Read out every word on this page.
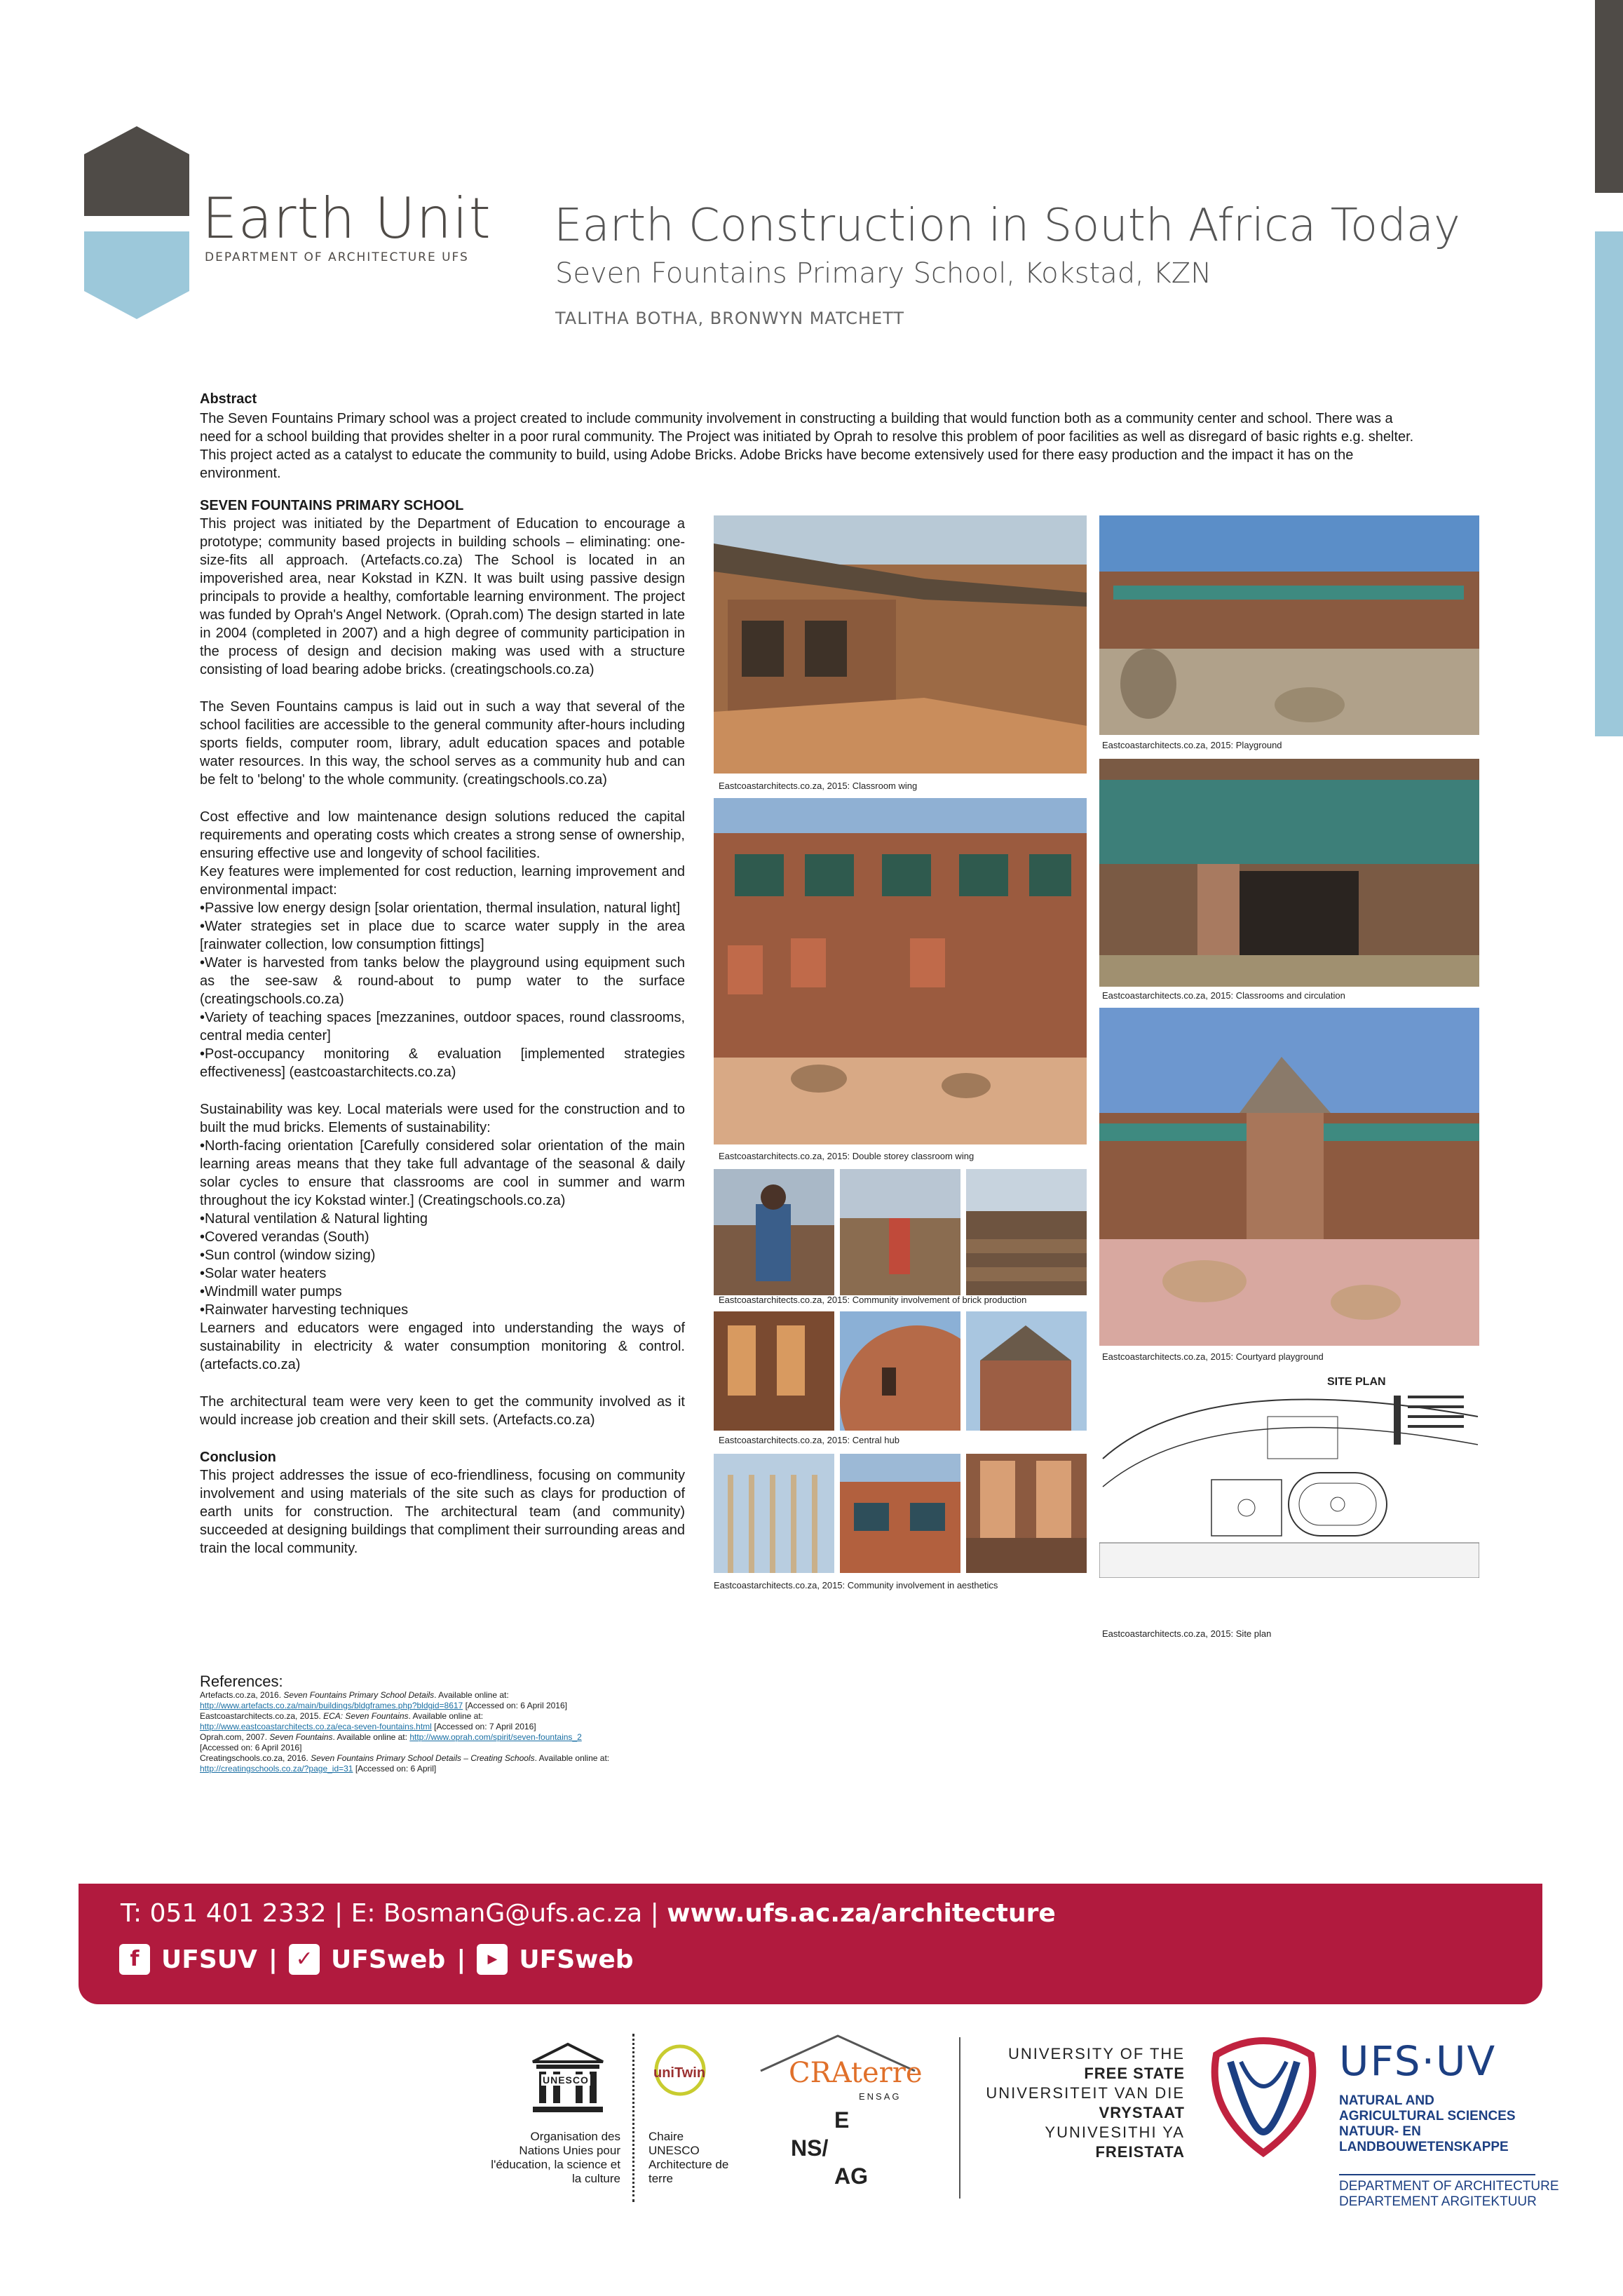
Earth Unit
DEPARTMENT OF ARCHITECTURE UFS
Earth Construction in South Africa Today
Seven Fountains Primary School, Kokstad, KZN
TALITHA BOTHA, BRONWYN MATCHETT
Abstract
The Seven Fountains Primary school was a project created to include community involvement in constructing a building that would function both as a community center and school. There was a need for a school building that provides shelter in a poor rural community. The Project was initiated by Oprah to resolve this problem of poor facilities as well as disregard of basic rights e.g. shelter. This project acted as a catalyst to educate the community to build, using Adobe Bricks. Adobe Bricks have become extensively used for there easy production and the impact it has on the environment.

SEVEN FOUNTAINS PRIMARY SCHOOL

This project was initiated by the Department of Education to encourage a prototype; community based projects in building schools – eliminating: one-size-fits all approach. (Artefacts.co.za) The School is located in an impoverished area, near Kokstad in KZN. It was built using passive design principals to provide a healthy, comfortable learning environment. The project was funded by Oprah's Angel Network. (Oprah.com) The design started in late in 2004 (completed in 2007) and a high degree of community participation in the process of design and decision making was used with a structure consisting of load bearing adobe bricks. (creatingschools.co.za)

The Seven Fountains campus is laid out in such a way that several of the school facilities are accessible to the general community after-hours including sports fields, computer room, library, adult education spaces and potable water resources. In this way, the school serves as a community hub and can be felt to 'belong' to the whole community. (creatingschools.co.za)

Cost effective and low maintenance design solutions reduced the capital requirements and operating costs which creates a strong sense of ownership, ensuring effective use and longevity of school facilities.

Key features were implemented for cost reduction, learning improvement and environmental impact:

•Passive low energy design [solar orientation, thermal insulation, natural light]

•Water strategies set in place due to scarce water supply in the area [rainwater collection, low consumption fittings]

•Water is harvested from tanks below the playground using equipment such as the see-saw & round-about to pump water to the surface (creatingschools.co.za)

•Variety of teaching spaces [mezzanines, outdoor spaces, round classrooms, central media center]

•Post-occupancy monitoring & evaluation [implemented strategies effectiveness] (eastcoastarchitects.co.za)

Sustainability was key. Local materials were used for the construction and to built the mud bricks. Elements of sustainability:

•North-facing orientation [Carefully considered solar orientation of the main learning areas means that they take full advantage of the seasonal & daily solar cycles to ensure that classrooms are cool in summer and warm throughout the icy Kokstad winter.] (Creatingschools.co.za)

•Natural ventilation & Natural lighting

•Covered verandas (South)

•Sun control (window sizing)

•Solar water heaters

•Windmill water pumps

•Rainwater harvesting techniques

Learners and educators were engaged into understanding the ways of sustainability in electricity & water consumption monitoring & control. (artefacts.co.za)

The architectural team were very keen to get the community involved as it would increase job creation and their skill sets. (Artefacts.co.za)

Conclusion

This project addresses the issue of eco-friendliness, focusing on community involvement and using materials of the site such as clays for production of earth units for construction. The architectural team (and community) succeeded at designing buildings that compliment their surrounding areas and train the local community.

References:
Artefacts.co.za, 2016. Seven Fountains Primary School Details. Available online at:
http://www.artefacts.co.za/main/buildings/bldgframes.php?bldgid=8617 [Accessed on: 6 April 2016]
Eastcoastarchitects.co.za, 2015. ECA: Seven Fountains. Available online at:
http://www.eastcoastarchitects.co.za/eca-seven-fountains.html [Accessed on: 7 April 2016]
Oprah.com, 2007. Seven Fountains. Available online at: http://www.oprah.com/spirit/seven-fountains_2
[Accessed on: 6 April 2016]
Creatingschools.co.za, 2016. Seven Fountains Primary School Details – Creating Schools. Available online at:
http://creatingschools.co.za/?page_id=31 [Accessed on: 6 April]
Eastcoastarchitects.co.za, 2015: Classroom wing
Eastcoastarchitects.co.za, 2015: Double storey classroom wing
Eastcoastarchitects.co.za, 2015: Community involvement of brick production
Eastcoastarchitects.co.za, 2015: Central hub
Eastcoastarchitects.co.za, 2015: Community involvement in aesthetics
Eastcoastarchitects.co.za, 2015: Playground
Eastcoastarchitects.co.za, 2015: Classrooms and circulation
Eastcoastarchitects.co.za, 2015: Courtyard playground
SITE PLAN
Eastcoastarchitects.co.za, 2015: Site plan
T: 051 401 2332 | E: BosmanG@ufs.ac.za | www.ufs.ac.za/architecture
f UFSUV | ✓ UFSweb |	▶ UFSweb
UNESCO
Organisation des Nations Unies pour l'éducation, la science et la culture
uniTwin
Chaire UNESCO Architecture de terre
CRAterre
ENSAG
E
NS/
AG
UNIVERSITY OF THE
FREE STATE
UNIVERSITEIT VAN DIE
VRYSTAAT
YUNIVESITHI YA
FREISTATA
UFS·UV
NATURAL AND
AGRICULTURAL SCIENCES
NATUUR- EN
LANDBOUWETENSKAPPE
DEPARTMENT OF ARCHITECTURE
DEPARTEMENT ARGITEKTUUR
